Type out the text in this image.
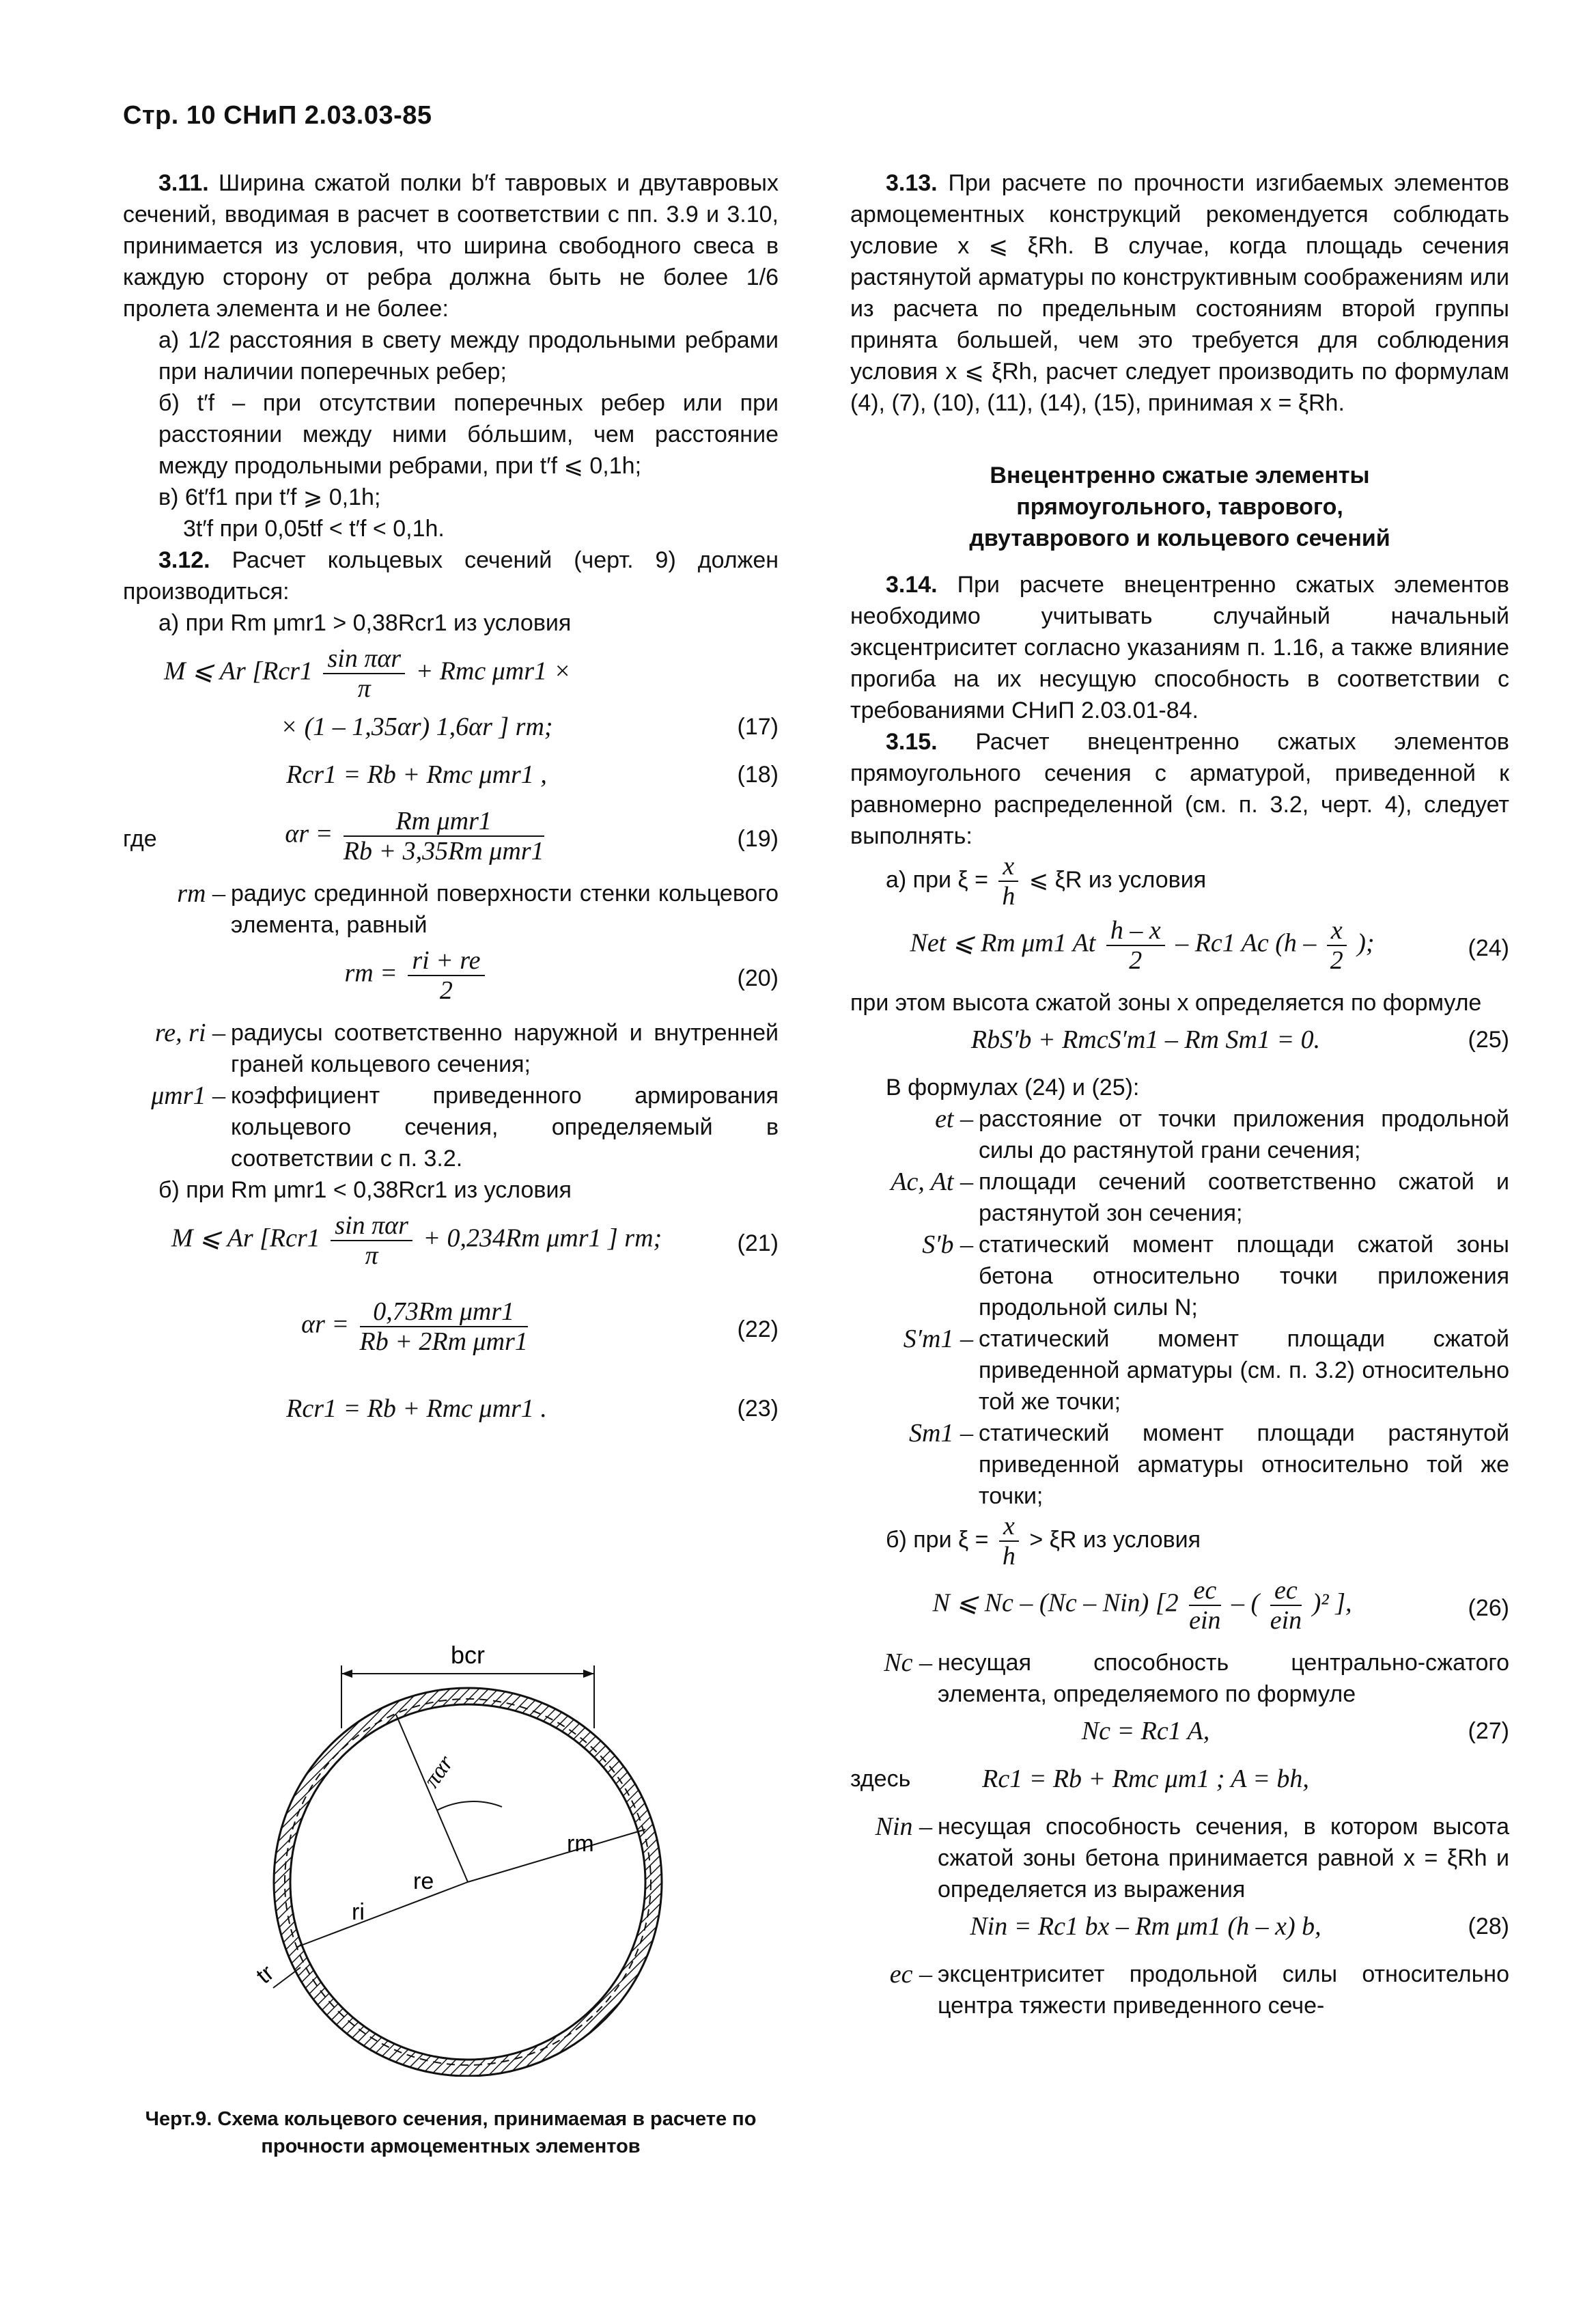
Стр. 10 СНиП 2.03.03-85

3.11. Ширина сжатой полки b′f тавровых и двутавровых сечений, вводимая в расчет в соответствии с пп. 3.9 и 3.10, принимается из условия, что ширина свободного свеса в каждую сторону от ребра должна быть не более 1/6 пролета элемента и не более:

а) 1/2 расстояния в свету между продольными ребрами при наличии поперечных ребер;

б) t′f – при отсутствии поперечных ребер или при расстоянии между ними бо́льшим, чем расстояние между продольными ребрами, при t′f ⩽ 0,1h;

в) 6t′f1 при t′f ⩾ 0,1h;

3t′f при 0,05tf < t′f < 0,1h.

3.12. Расчет кольцевых сечений (черт. 9) должен производиться:

а) при Rm μmr1 > 0,38Rcr1 из условия

M ⩽ Ar [$Rcr1 \frac{\text{sin παr}}{\pi}$ + Rmc μmr1 ×
× (1 – 1,35αr) 1,6αr ] rm;	(17)
Rcr1 = Rb + Rmc μmr1 ,	(18)
где	$\alpha r = \frac{\text{Rm μmr1}}{\text{Rb + 3,35Rm μmr1}}$	(19)
rm – радиус срединной поверхности стенки кольцевого элемента, равный
rm = $\frac{ri + re}{2}$	(20)
re, ri – радиусы соответственно наружной и внутренней граней кольцевого сечения;
μmr1 – коэффициент приведенного армирования кольцевого сечения, определяемый в соответствии с п. 3.2.

б) при Rm μmr1 < 0,38Rcr1 из условия

M ⩽ Ar [$Rcr1 \frac{\text{sin παr}}{\pi} + 0,234Rm$ μmr1 ] rm;	(21)
$\alpha r = \frac{\text{0,73Rm μmr1}}{\text{Rb + 2Rm μmr1}}$	(22)
Rcr1 = Rb + Rmc μmr1 .	(23)
bcr
παr
re
rm
ri
tr
Черт.9. Схема кольцевого сечения, принимаемая в расчете по прочности армоцементных элементов

3.13. При расчете по прочности изгибаемых элементов армоцементных конструкций рекомендуется соблюдать условие x ⩽ ξRh. В случае, когда площадь сечения растянутой арматуры по конструктивным соображениям или из расчета по предельным состояниям второй группы принята большей, чем это требуется для соблюдения условия x ⩽ ξRh, расчет следует производить по формулам (4), (7), (10), (11), (14), (15), принимая x = ξRh.

Внецентренно сжатые элементы прямоугольного, таврового, двутаврового и кольцевого сечений

3.14. При расчете внецентренно сжатых элементов необходимо учитывать случайный начальный эксцентриситет согласно указаниям п. 1.16, а также влияние прогиба на их несущую способность в соответствии с требованиями СНиП 2.03.01-84.

3.15. Расчет внецентренно сжатых элементов прямоугольного сечения с арматурой, приведенной к равномерно распределенной (см. п. 3.2, черт. 4), следует выполнять:

а) при $\xi = \frac{x}{h}$ ⩽ ξR из условия

Net ⩽ Rm μm1 At $\frac{h - x}{2} - Rc1$ Ac ($h - \frac{x}{2}$ );	(24)

при этом высота сжатой зоны x определяется по формуле

RbS′b + RmcS′m1 – Rm Sm1 = 0.	(25)

В формулах (24) и (25):

et – расстояние от точки приложения продольной силы до растянутой грани сечения;
Ac, At – площади сечений соответственно сжатой и растянутой зон сечения;
S′b – статический момент площади сжатой зоны бетона относительно точки приложения продольной силы N;
S′m1 – статический момент площади сжатой приведенной арматуры (см. п. 3.2) относительно той же точки;
Sm1 – статический момент площади растянутой приведенной арматуры относительно той же точки;

б) при $\xi = \frac{x}{h} > \xi R$ из условия

N ⩽ Nc – (Nc – Nin) [$2 \frac{ec}{\text{ein}}$ – ( $\frac{ec}{\text{ein}} )^2$ ],	(26)
Nc – несущая способность центрально-сжатого элемента, определяемого по формуле
Nc = Rc1 A,	(27)
здесь	Rc1 = Rb + Rmc μm1 ; A = bh,
Nin – несущая способность сечения, в котором высота сжатой зоны бетона принимается равной x = ξRh и определяется из выражения
Nin = Rc1 bx – Rm μm1 (h – x) b,	(28)
ec – эксцентриситет продольной силы относительно центра тяжести приведенного сече-
